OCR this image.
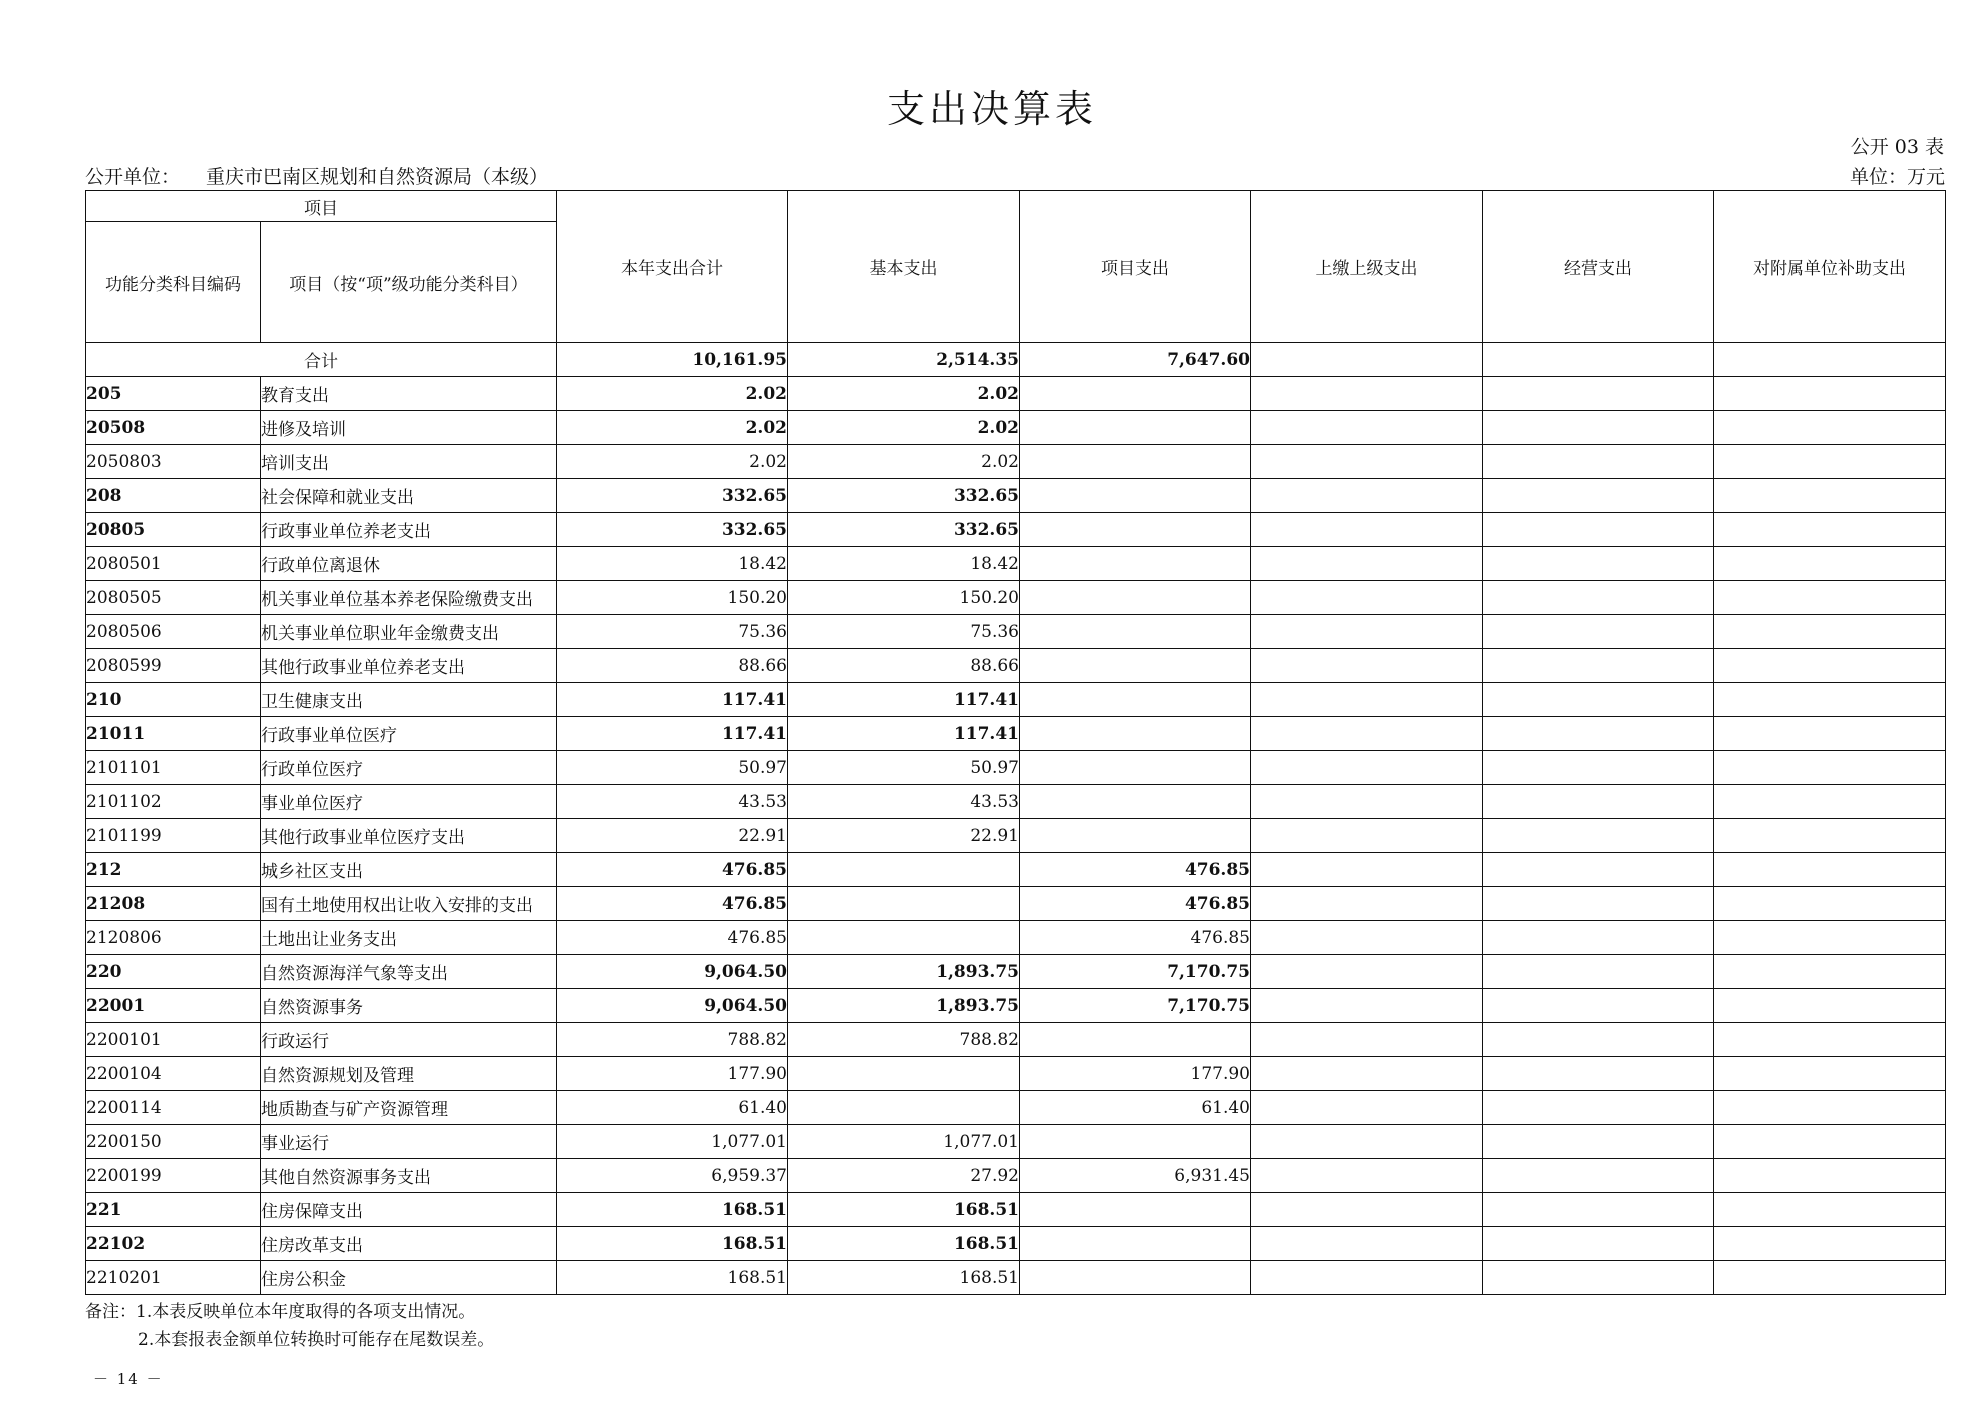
支出决算表
公开 03 表
公开单位： 重庆市巴南区规划和自然资源局（本级）	单位：万元
项目		本年支出合计	基本支出	项目支出	上缴上级支出	经营支出	对附属单位补助支出
功能分类科目编码	项目（按“项”级功能分类科目）						
合计		10,161.95	2,514.35	7,647.60			
205	教育支出	2.02	2.02				
20508	进修及培训	2.02	2.02				
2050803	培训支出	2.02	2.02				
208	社会保障和就业支出	332.65	332.65				
20805	行政事业单位养老支出	332.65	332.65				
2080501	行政单位离退休	18.42	18.42				
2080505	机关事业单位基本养老保险缴费支出	150.20	150.20				
2080506	机关事业单位职业年金缴费支出	75.36	75.36				
2080599	其他行政事业单位养老支出	88.66	88.66				
210	卫生健康支出	117.41	117.41				
21011	行政事业单位医疗	117.41	117.41				
2101101	行政单位医疗	50.97	50.97				
2101102	事业单位医疗	43.53	43.53				
2101199	其他行政事业单位医疗支出	22.91	22.91				
212	城乡社区支出	476.85		476.85			
21208	国有土地使用权出让收入安排的支出	476.85		476.85			
2120806	土地出让业务支出	476.85		476.85			
220	自然资源海洋气象等支出	9,064.50	1,893.75	7,170.75			
22001	自然资源事务	9,064.50	1,893.75	7,170.75			
2200101	行政运行	788.82	788.82				
2200104	自然资源规划及管理	177.90		177.90			
2200114	地质勘查与矿产资源管理	61.40		61.40			
2200150	事业运行	1,077.01	1,077.01				
2200199	其他自然资源事务支出	6,959.37	27.92	6,931.45			
221	住房保障支出	168.51	168.51				
22102	住房改革支出	168.51	168.51				
2210201	住房公积金	168.51	168.51				
备注：1.本表反映单位本年度取得的各项支出情况。
2.本套报表金额单位转换时可能存在尾数误差。
－ 14 －
